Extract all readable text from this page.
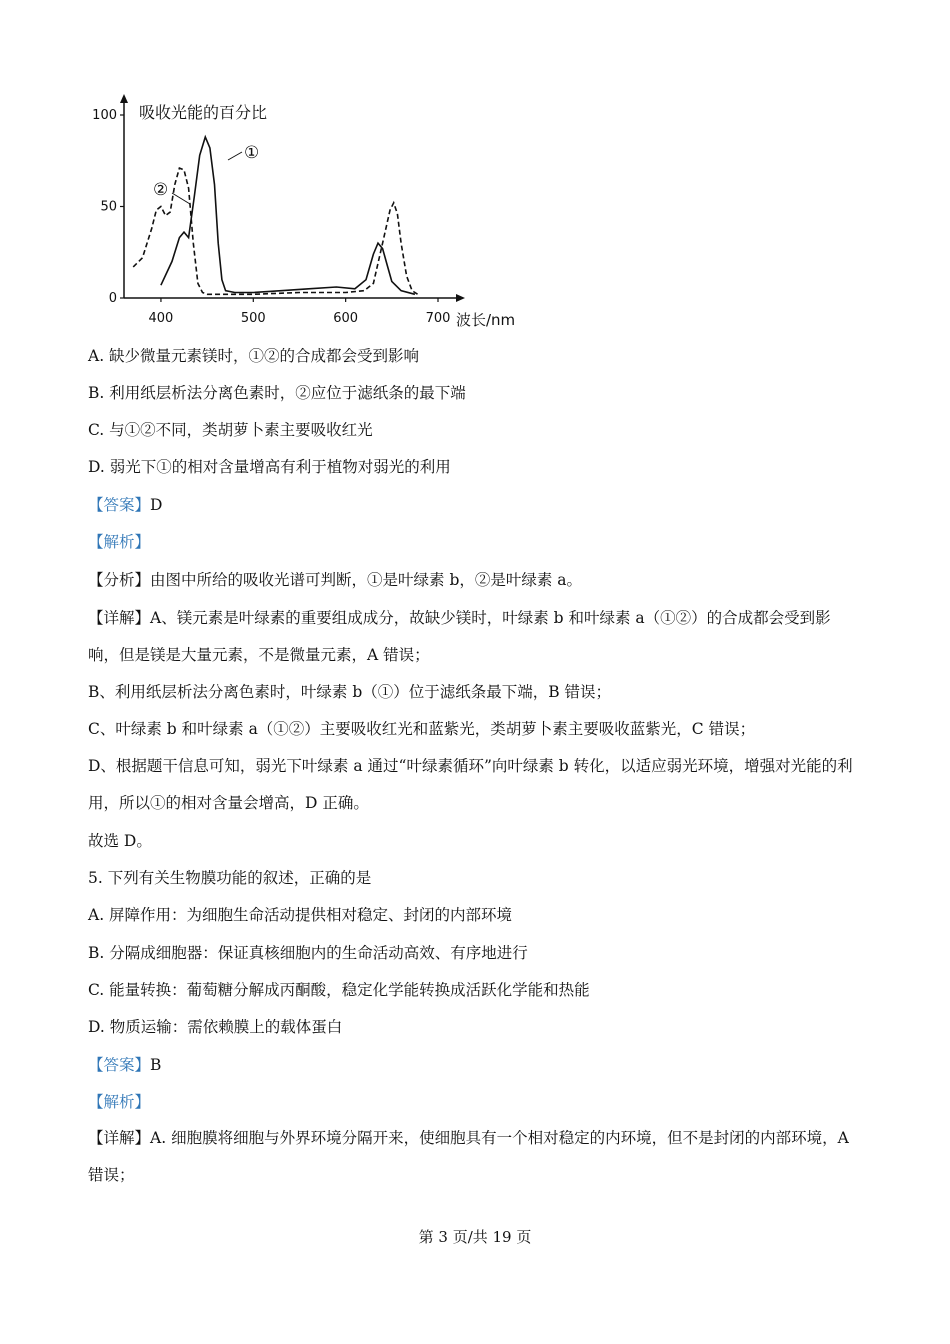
吸收光能的百分比
波长/nm
0
50
100
400	500	600	700
①
②
A. 缺少微量元素镁时，①②的合成都会受到影响
B. 利用纸层析法分离色素时，②应位于滤纸条的最下端
C. 与①②不同，类胡萝卜素主要吸收红光
D. 弱光下①的相对含量增高有利于植物对弱光的利用
【答案】D
【解析】
【分析】由图中所给的吸收光谱可判断，①是叶绿素 b，②是叶绿素 a。
【详解】A、镁元素是叶绿素的重要组成成分，故缺少镁时，叶绿素 b 和叶绿素 a（①②）的合成都会受到影响，但是镁是大量元素，不是微量元素，A 错误；
B、利用纸层析法分离色素时，叶绿素 b（①）位于滤纸条最下端，B 错误；
C、叶绿素 b 和叶绿素 a（①②）主要吸收红光和蓝紫光，类胡萝卜素主要吸收蓝紫光，C 错误；
D、根据题干信息可知，弱光下叶绿素 a 通过“叶绿素循环”向叶绿素 b 转化，以适应弱光环境，增强对光能的利用，所以①的相对含量会增高，D 正确。
故选 D。
5. 下列有关生物膜功能的叙述，正确的是
A. 屏障作用：为细胞生命活动提供相对稳定、封闭的内部环境
B. 分隔成细胞器：保证真核细胞内的生命活动高效、有序地进行
C. 能量转换：葡萄糖分解成丙酮酸，稳定化学能转换成活跃化学能和热能
D. 物质运输：需依赖膜上的载体蛋白
【答案】B
【解析】
【详解】A. 细胞膜将细胞与外界环境分隔开来，使细胞具有一个相对稳定的内环境，但不是封闭的内部环境，A 错误；
第 3 页/共 19 页
